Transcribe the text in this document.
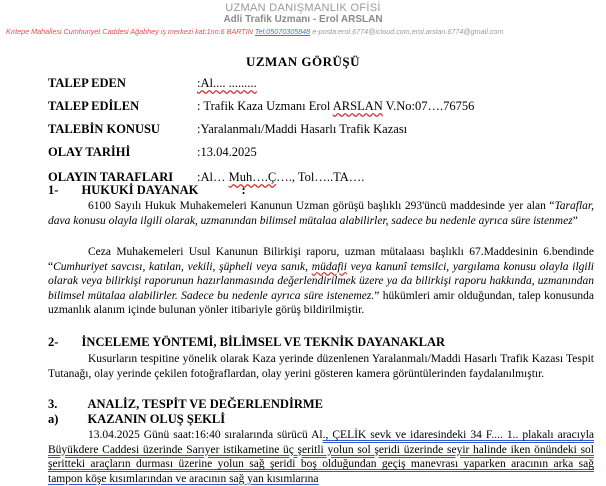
UZMAN DANIŞMANLIK OFİSİ
Adli Trafik Uzmanı - Erol ARSLAN
Kırtepe Mahallesi Cumhuriyet Caddesi Ağabhey iş merkezi kat:1no:6 BARTIN Tel:05070305848 e-posta:erol.6774@icloud.com,erol.arslan.6774@gmail.com
UZMAN GÖRÜŞÜ
TALEP EDEN	:Al.... .........
TALEP EDİLEN	: Trafik Kaza Uzmanı Erol ARSLAN V.No:07….76756
TALEBİN KONUSU	:Yaralanmalı/Maddi Hasarlı Trafik Kazası
OLAY TARİHİ	:13.04.2025
OLAYIN TARAFLARI :Al… Muh….Ç…., Tol…..TA….
1- HUKUKİ DAYANAK	:
6100 Sayılı Hukuk Muhakemeleri Kanunun Uzman görüşü başlıklı 293'üncü maddesinde yer alan “Taraflar, dava konusu olayla ilgili olarak, uzmanından bilimsel mütalaa alabilirler, sadece bu nedenle ayrıca süre istenmez”
Ceza Muhakemeleri Usul Kanunun Bilirkişi raporu, uzman mütalaası başlıklı 67.Maddesinin 6.bendinde “Cumhuriyet savcısı, katılan, vekili, şüpheli veya sanık, müdafii veya kanunî temsilci, yargılama konusu olayla ilgili olarak veya bilirkişi raporunun hazırlanmasında değerlendirilmek üzere ya da bilirkişi raporu hakkında, uzmanından bilimsel mütalaa alabilirler. Sadece bu nedenle ayrıca süre istenemez.” hükümleri amir olduğundan, talep konusunda uzmanlık alanım içinde bulunan yönler itibariyle görüş bildirilmiştir.
2- İNCELEME YÖNTEMİ, BİLİMSEL VE TEKNİK DAYANAKLAR
Kusurların tespitine yönelik olarak Kaza yerinde düzenlenen Yaralanmalı/Maddi Hasarlı Trafik Kazası Tespit Tutanağı, olay yerinde çekilen fotoğraflardan, olay yerini gösteren kamera görüntülerinden faydalanılmıştır.
3. ANALİZ, TESPİT VE DEĞERLENDİRME
a) KAZANIN OLUŞ ŞEKLİ
13.04.2025 Günü saat:16:40 sıralarında sürücü Al., ÇELİK sevk ve idaresindeki 34 F.... 1.. plakalı aracıyla Büyükdere Caddesi üzerinde Sarıyer istikametine üç şeritli yolun sol şeridi üzerinde seyir halinde iken önündeki sol şeritteki araçların durması üzerine yolun sağ şeridi boş olduğundan geçiş manevrası yaparken aracının arka sağ tampon köşe kısımlarından ve aracının sağ yan kısımlarına
